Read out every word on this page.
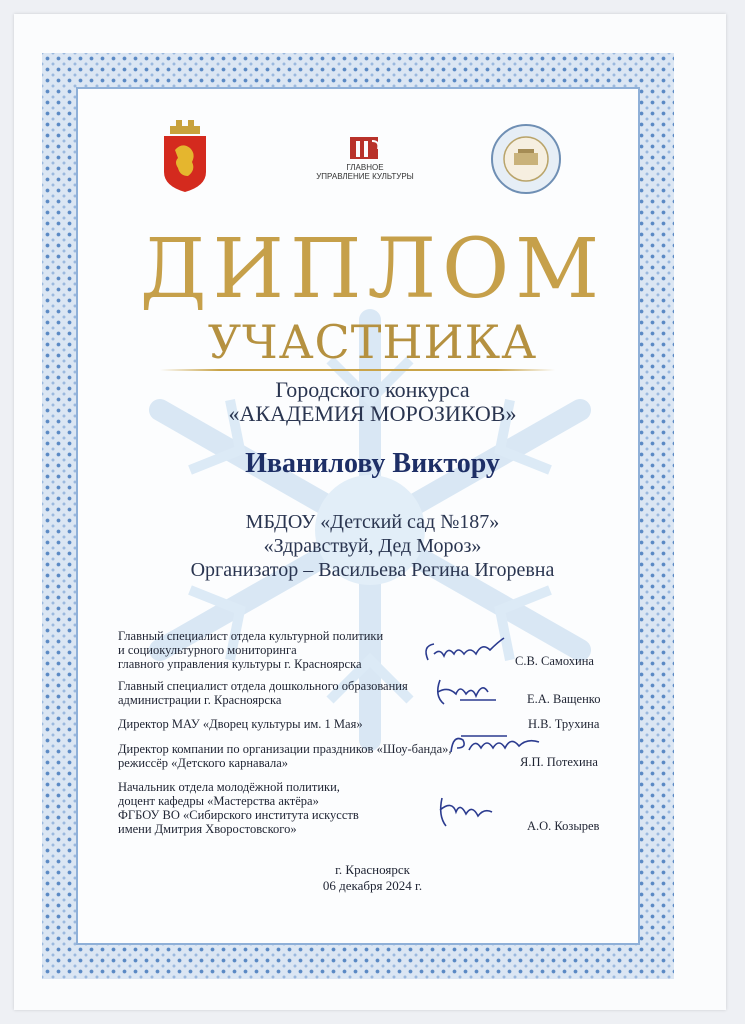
ГЛАВНОЕ
УПРАВЛЕНИЕ КУЛЬТУРЫ
ДИПЛОМ
УЧАСТНИКА
Городского конкурса
«АКАДЕМИЯ МОРОЗИКОВ»
Иванилову Виктору
МБДОУ «Детский сад №187»
«Здравствуй, Дед Мороз»
Организатор – Васильева Регина Игоревна
Главный специалист отдела культурной политики
и социокультурного мониторинга
главного управления культуры г. Красноярска	С.В. Самохина
Главный специалист отдела дошкольного образования
администрации г. Красноярска	Е.А. Ващенко
Директор МАУ «Дворец культуры им. 1 Мая»	Н.В. Трухина
Директор компании по организации праздников «Шоу-банда»,
режиссёр «Детского карнавала»	Я.П. Потехина
Начальник отдела молодёжной политики,
доцент кафедры «Мастерства актёра»
ФГБОУ ВО «Сибирского института искусств
имени Дмитрия Хворостовского»	А.О. Козырев
г. Красноярск
06 декабря 2024 г.
